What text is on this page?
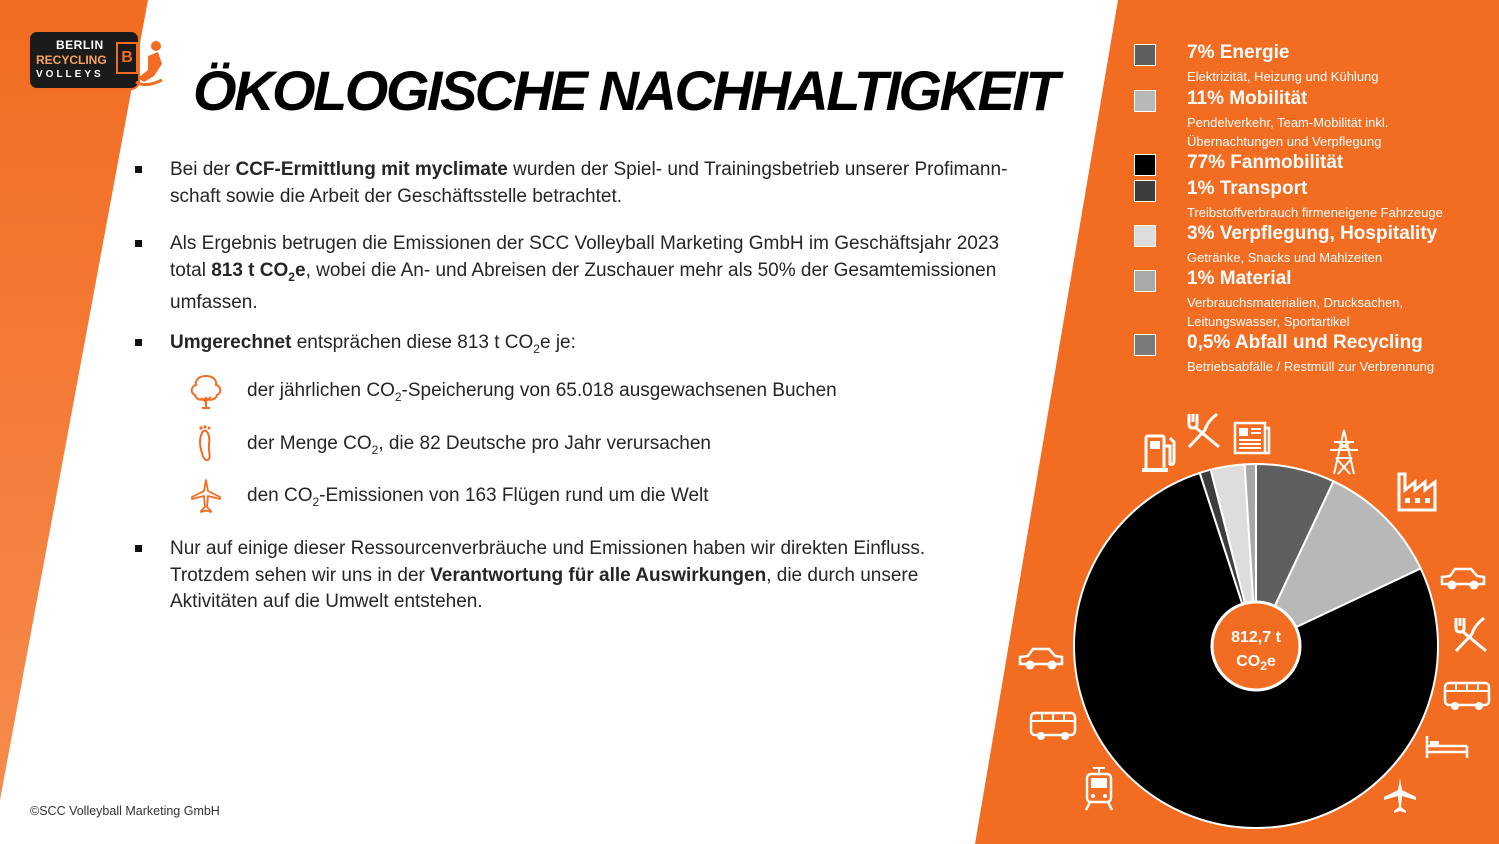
BERLIN
RECYCLING
VOLLEYS
B
ÖKOLOGISCHE NACHHALTIGKEIT
Bei der CCF-Ermittlung mit myclimate wurden der Spiel- und Trainingsbetrieb unserer Profimann-
schaft sowie die Arbeit der Geschäftsstelle betrachtet.
Als Ergebnis betrugen die Emissionen der SCC Volleyball Marketing GmbH im Geschäftsjahr 2023
total 813 t $CO_2e$, wobei die An- und Abreisen der Zuschauer mehr als 50% der Gesamtemissionen
umfassen.
Umgerechnet entsprächen diese 813 t $CO_2e$ je:
der jährlichen $CO_2$-Speicherung von 65.018 ausgewachsenen Buchen
der Menge $CO_2$, die 82 Deutsche pro Jahr verursachen
den $CO_2$-Emissionen von 163 Flügen rund um die Welt
Nur auf einige dieser Ressourcenverbräuche und Emissionen haben wir direkten Einfluss.
Trotzdem sehen wir uns in der Verantwortung für alle Auswirkungen, die durch unsere
Aktivitäten auf die Umwelt entstehen.
©SCC Volleyball Marketing GmbH
7% Energie
Elektrizität, Heizung und Kühlung
11% Mobilität
Pendelverkehr, Team-Mobilität inkl.
Übernachtungen und Verpflegung
77% Fanmobilität
1% Transport
Treibstoffverbrauch firmeneigene Fahrzeuge
3% Verpflegung, Hospitality
Getränke, Snacks und Mahlzeiten
1% Material
Verbrauchsmaterialien, Drucksachen,
Leitungswasser, Sportartikel
0,5% Abfall und Recycling
Betriebsabfälle / Restmüll zur Verbrennung
812,7 t
$CO_2e$
